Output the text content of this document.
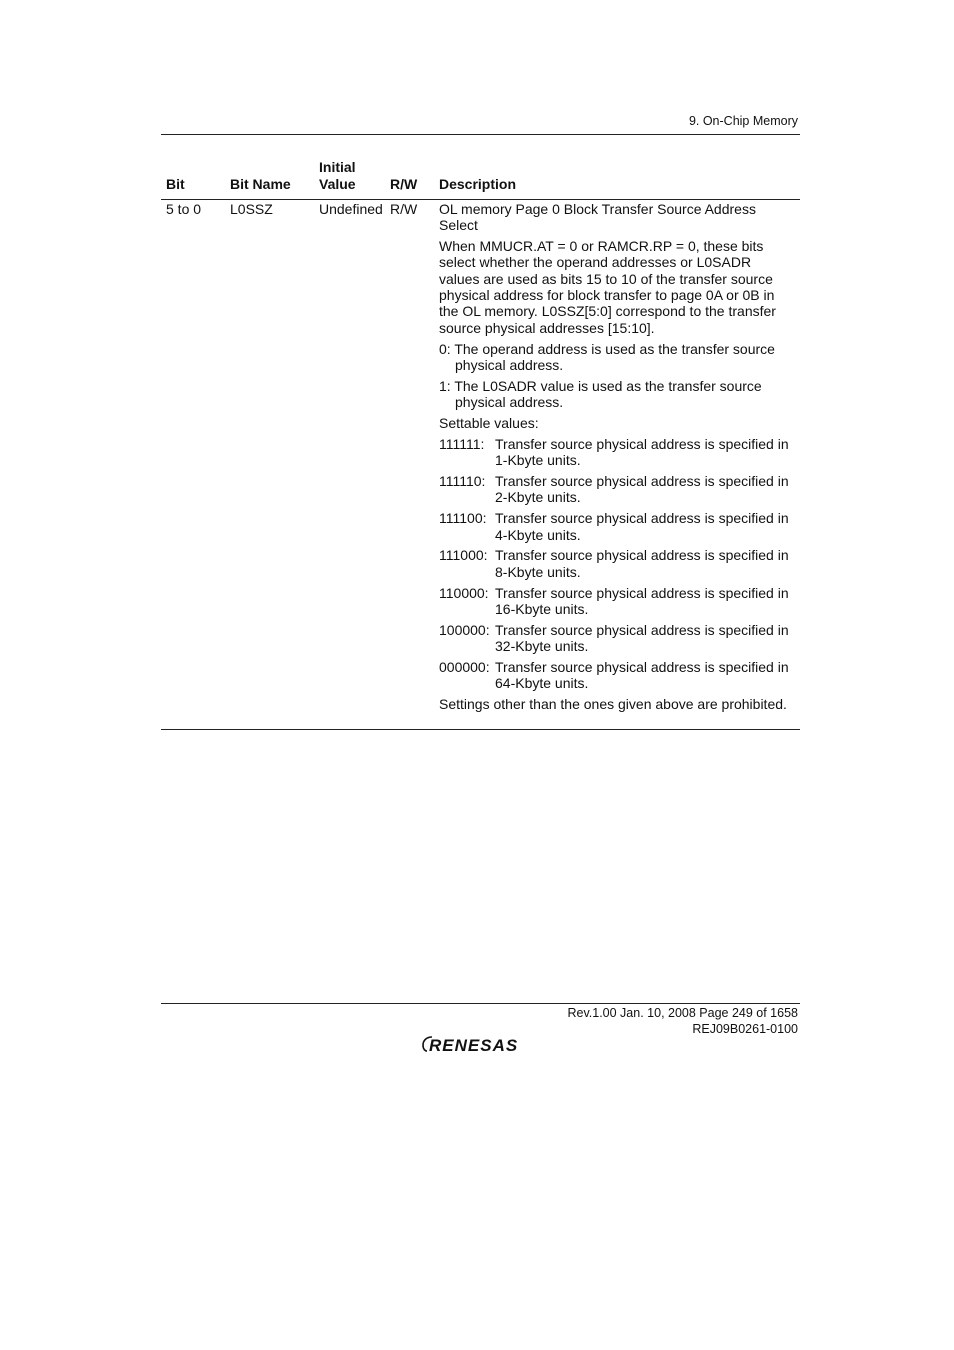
9. On-Chip Memory
Bit	Bit Name
Initial
Value R/W Description
5 to 0 L0SSZ	Undefined R/W OL memory Page 0 Block Transfer Source Address Select

When MMUCR.AT = 0 or RAMCR.RP = 0, these bits select whether the operand addresses or L0SADR values are used as bits 15 to 10 of the transfer source physical address for block transfer to page 0A or 0B in the OL memory. L0SSZ[5:0] correspond to the transfer source physical addresses [15:10].

0: The operand address is used as the transfer source physical address.

1: The L0SADR value is used as the transfer source physical address.

Settable values:

111111: Transfer source physical address is specified in 1-Kbyte units.

111110: Transfer source physical address is specified in 2-Kbyte units.

111100: Transfer source physical address is specified in 4-Kbyte units.

111000: Transfer source physical address is specified in 8-Kbyte units.

110000: Transfer source physical address is specified in 16-Kbyte units.

100000: Transfer source physical address is specified in 32-Kbyte units.

000000: Transfer source physical address is specified in 64-Kbyte units.

Settings other than the ones given above are prohibited.

Rev.1.00 Jan. 10, 2008 Page 249 of 1658
REJ09B0261-0100
RENESAS
